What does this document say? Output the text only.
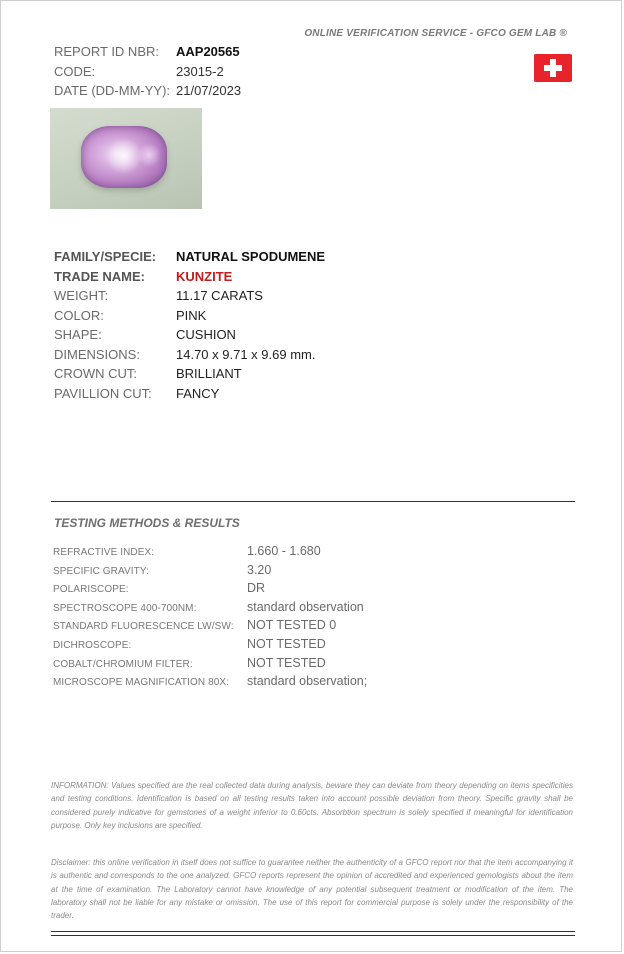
ONLINE VERIFICATION SERVICE - GFCO GEM LAB ®
REPORT ID NBR:	AAP20565
CODE:	23015-2
DATE (DD-MM-YY): 21/07/2023
FAMILY/SPECIE:	NATURAL SPODUMENE
TRADE NAME:	KUNZITE
WEIGHT:	11.17 CARATS
COLOR:	PINK
SHAPE:	CUSHION
DIMENSIONS:	14.70 x 9.71 x 9.69 mm.
CROWN CUT:	BRILLIANT
PAVILLION CUT:	FANCY
TESTING METHODS & RESULTS
REFRACTIVE INDEX:	1.660 - 1.680
SPECIFIC GRAVITY:	3.20
POLARISCOPE:	DR
SPECTROSCOPE 400-700NM:	standard observation
STANDARD FLUORESCENCE LW/SW:	NOT TESTED 0
DICHROSCOPE:	NOT TESTED
COBALT/CHROMIUM FILTER:	NOT TESTED
MICROSCOPE MAGNIFICATION 80X:	standard observation;
INFORMATION: Values specified are the real collected data during analysis, beware they can deviate from theory depending on items specificities and testing conditions. Identification is based on all testing results taken into account possible deviation from theory. Specific gravity shall be considered purely indicative for gemstones of a weight inferior to 0.60cts. Absorbtion spectrum is solely specified if meaningful for identification purpose. Only key inclusions are specified.
Disclaimer: this online verification in itself does not suffice to guarantee neither the authenticity of a GFCO report nor that the item accompanying it is authentic and corresponds to the one analyzed. GFCO reports represent the opinion of accredited and experienced gemologists about the item at the time of examination. The Laboratory cannot have knowledge of any potential subsequent treatment or modification of the item. The laboratory shall not be liable for any mistake or omission. The use of this report for commercial purpose is solely under the responsibility of the trader.
